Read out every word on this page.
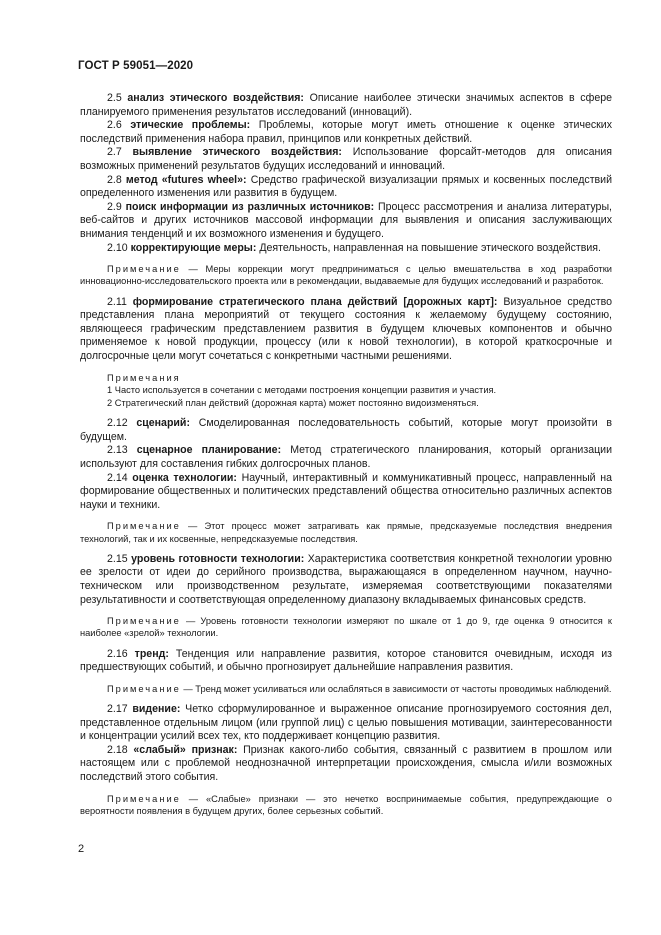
ГОСТ Р 59051—2020
2.5 анализ этического воздействия: Описание наиболее этически значимых аспектов в сфере планируемого применения результатов исследований (инноваций).
2.6 этические проблемы: Проблемы, которые могут иметь отношение к оценке этических последствий применения набора правил, принципов или конкретных действий.
2.7 выявление этического воздействия: Использование форсайт-методов для описания возможных применений результатов будущих исследований и инноваций.
2.8 метод «futures wheel»: Средство графической визуализации прямых и косвенных последствий определенного изменения или развития в будущем.
2.9 поиск информации из различных источников: Процесс рассмотрения и анализа литературы, веб-сайтов и других источников массовой информации для выявления и описания заслуживающих внимания тенденций и их возможного изменения и будущего.
2.10 корректирующие меры: Деятельность, направленная на повышение этического воздействия.
Примечание — Меры коррекции могут предприниматься с целью вмешательства в ход разработки инновационно-исследовательского проекта или в рекомендации, выдаваемые для будущих исследований и разработок.
2.11 формирование стратегического плана действий [дорожных карт]: Визуальное средство представления плана мероприятий от текущего состояния к желаемому будущему состоянию, являющееся графическим представлением развития в будущем ключевых компонентов и обычно применяемое к новой продукции, процессу (или к новой технологии), в которой краткосрочные и долгосрочные цели могут сочетаться с конкретными частными решениями.
Примечания
1 Часто используется в сочетании с методами построения концепции развития и участия.
2 Стратегический план действий (дорожная карта) может постоянно видоизменяться.
2.12 сценарий: Смоделированная последовательность событий, которые могут произойти в будущем.
2.13 сценарное планирование: Метод стратегического планирования, который организации используют для составления гибких долгосрочных планов.
2.14 оценка технологии: Научный, интерактивный и коммуникативный процесс, направленный на формирование общественных и политических представлений общества относительно различных аспектов науки и техники.
Примечание — Этот процесс может затрагивать как прямые, предсказуемые последствия внедрения технологий, так и их косвенные, непредсказуемые последствия.
2.15 уровень готовности технологии: Характеристика соответствия конкретной технологии уровню ее зрелости от идеи до серийного производства, выражающаяся в определенном научном, научно-техническом или производственном результате, измеряемая соответствующими показателями результативности и соответствующая определенному диапазону вкладываемых финансовых средств.
Примечание — Уровень готовности технологии измеряют по шкале от 1 до 9, где оценка 9 относится к наиболее «зрелой» технологии.
2.16 тренд: Тенденция или направление развития, которое становится очевидным, исходя из предшествующих событий, и обычно прогнозирует дальнейшие направления развития.
Примечание — Тренд может усиливаться или ослабляться в зависимости от частоты проводимых наблюдений.
2.17 видение: Четко сформулированное и выраженное описание прогнозируемого состояния дел, представленное отдельным лицом (или группой лиц) с целью повышения мотивации, заинтересованности и концентрации усилий всех тех, кто поддерживает концепцию развития.
2.18 «слабый» признак: Признак какого-либо события, связанный с развитием в прошлом или настоящем или с проблемой неоднозначной интерпретации происхождения, смысла и/или возможных последствий этого события.
Примечание — «Слабые» признаки — это нечетко воспринимаемые события, предупреждающие о вероятности появления в будущем других, более серьезных событий.
2
